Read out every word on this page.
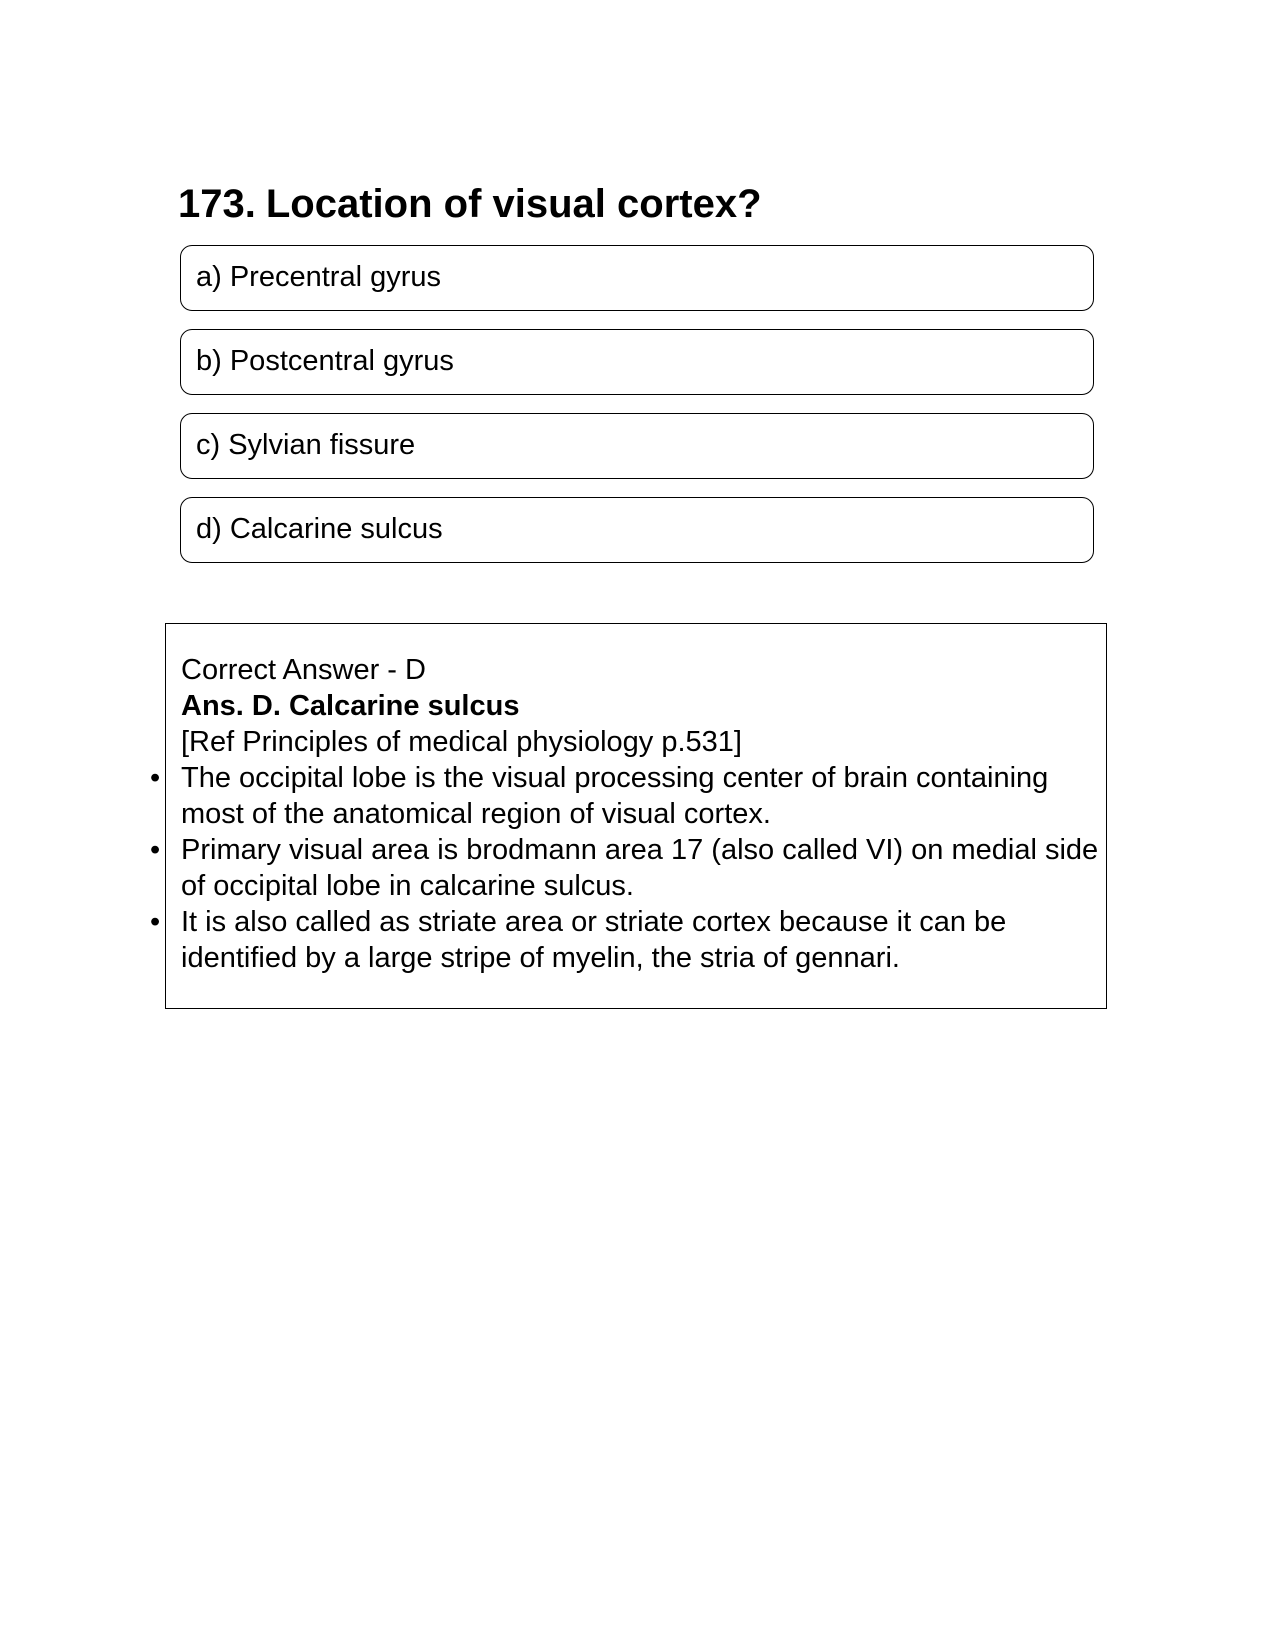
173. Location of visual cortex?
a) Precentral gyrus
b) Postcentral gyrus
c) Sylvian fissure
d) Calcarine sulcus

Correct Answer - D

Ans. D. Calcarine sulcus

[Ref Principles of medical physiology p.531]

• The occipital lobe is the visual processing center of brain containing most of the anatomical region of visual cortex.
• Primary visual area is brodmann area 17 (also called VI) on medial side of occipital lobe in calcarine sulcus.
• It is also called as striate area or striate cortex because it can be identified by a large stripe of myelin, the stria of gennari.
